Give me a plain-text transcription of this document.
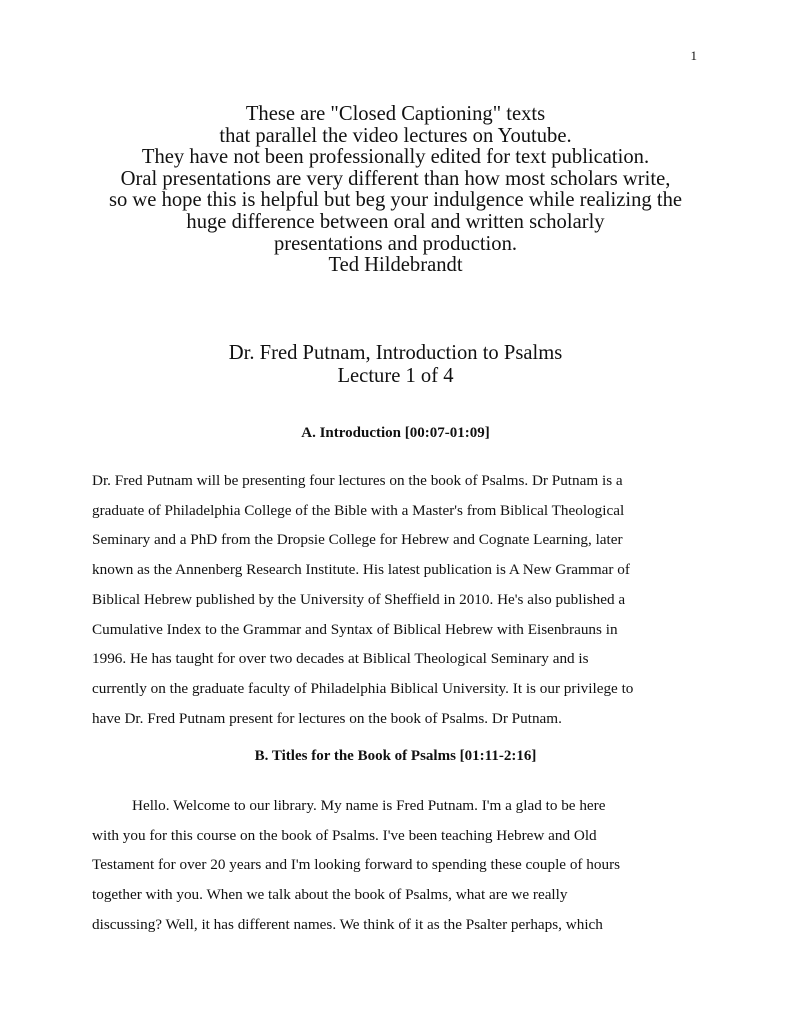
1
These are "Closed Captioning" texts
that parallel the video lectures on Youtube.
They have not been professionally edited for text publication.
Oral presentations are very different than how most scholars write,
so we hope this is helpful but beg your indulgence while realizing the
huge difference between oral and written scholarly
presentations and production.
Ted Hildebrandt
Dr. Fred Putnam, Introduction to Psalms
Lecture 1 of 4
A. Introduction [00:07-01:09]
Dr. Fred Putnam will be presenting four lectures on the book of Psalms. Dr Putnam is a
graduate of Philadelphia College of the Bible with a Master's from Biblical Theological
Seminary and a PhD from the Dropsie College for Hebrew and Cognate Learning, later
known as the Annenberg Research Institute. His latest publication is A New Grammar of
Biblical Hebrew published by the University of Sheffield in 2010. He's also published a
Cumulative Index to the Grammar and Syntax of Biblical Hebrew with Eisenbrauns in
1996. He has taught for over two decades at Biblical Theological Seminary and is
currently on the graduate faculty of Philadelphia Biblical University. It is our privilege to
have Dr. Fred Putnam present for lectures on the book of Psalms. Dr Putnam.
B. Titles for the Book of Psalms [01:11-2:16]
Hello. Welcome to our library. My name is Fred Putnam. I'm a glad to be here
with you for this course on the book of Psalms. I've been teaching Hebrew and Old
Testament for over 20 years and I'm looking forward to spending these couple of hours
together with you. When we talk about the book of Psalms, what are we really
discussing? Well, it has different names. We think of it as the Psalter perhaps, which
